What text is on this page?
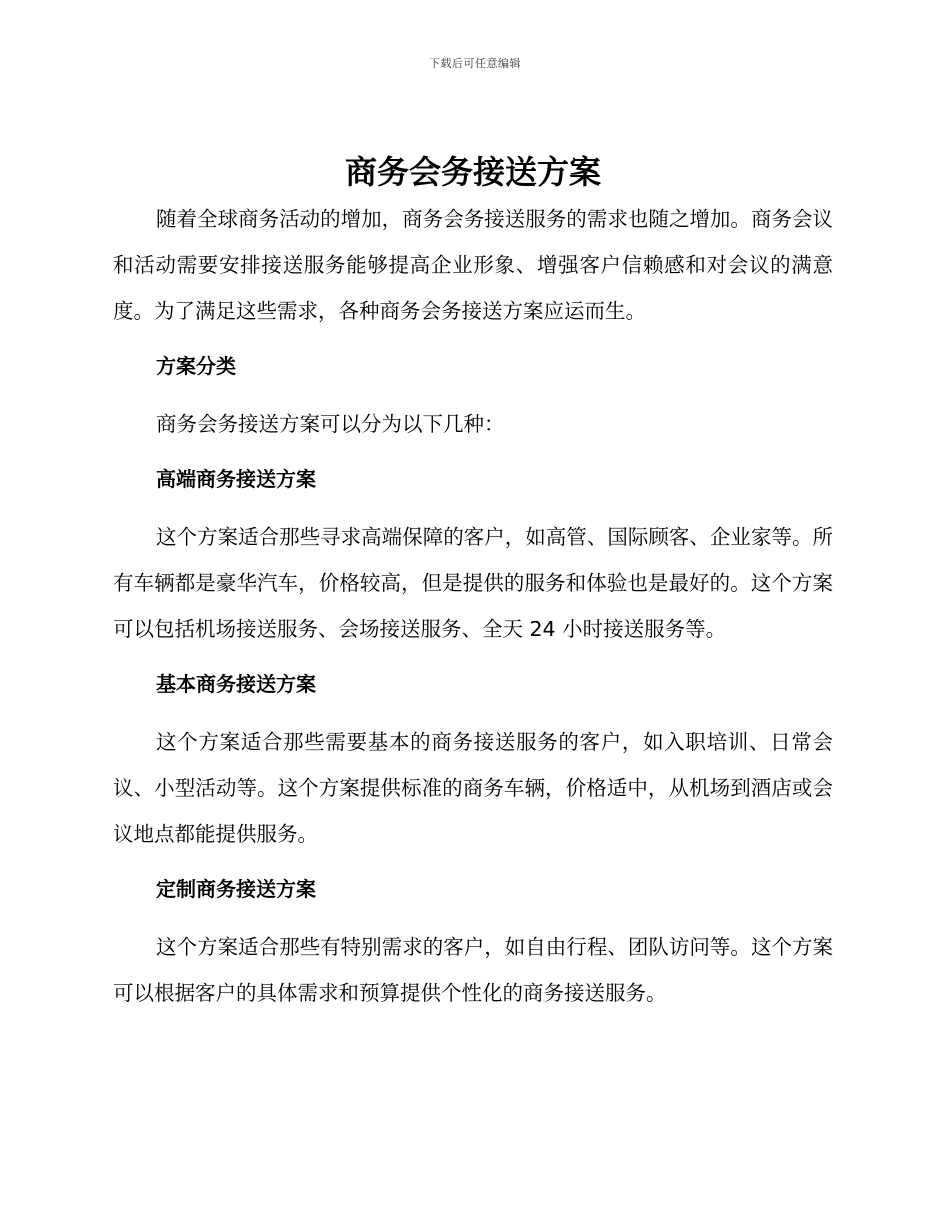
下载后可任意编辑
商务会务接送方案

随着全球商务活动的增加，商务会务接送服务的需求也随之增加。商务会议和活动需要安排接送服务能够提高企业形象、增强客户信赖感和对会议的满意度。为了满足这些需求，各种商务会务接送方案应运而生。

方案分类

商务会务接送方案可以分为以下几种：

高端商务接送方案

这个方案适合那些寻求高端保障的客户，如高管、国际顾客、企业家等。所有车辆都是豪华汽车，价格较高，但是提供的服务和体验也是最好的。这个方案可以包括机场接送服务、会场接送服务、全天 24 小时接送服务等。

基本商务接送方案

这个方案适合那些需要基本的商务接送服务的客户，如入职培训、日常会议、小型活动等。这个方案提供标准的商务车辆，价格适中，从机场到酒店或会议地点都能提供服务。

定制商务接送方案

这个方案适合那些有特别需求的客户，如自由行程、团队访问等。这个方案可以根据客户的具体需求和预算提供个性化的商务接送服务。
